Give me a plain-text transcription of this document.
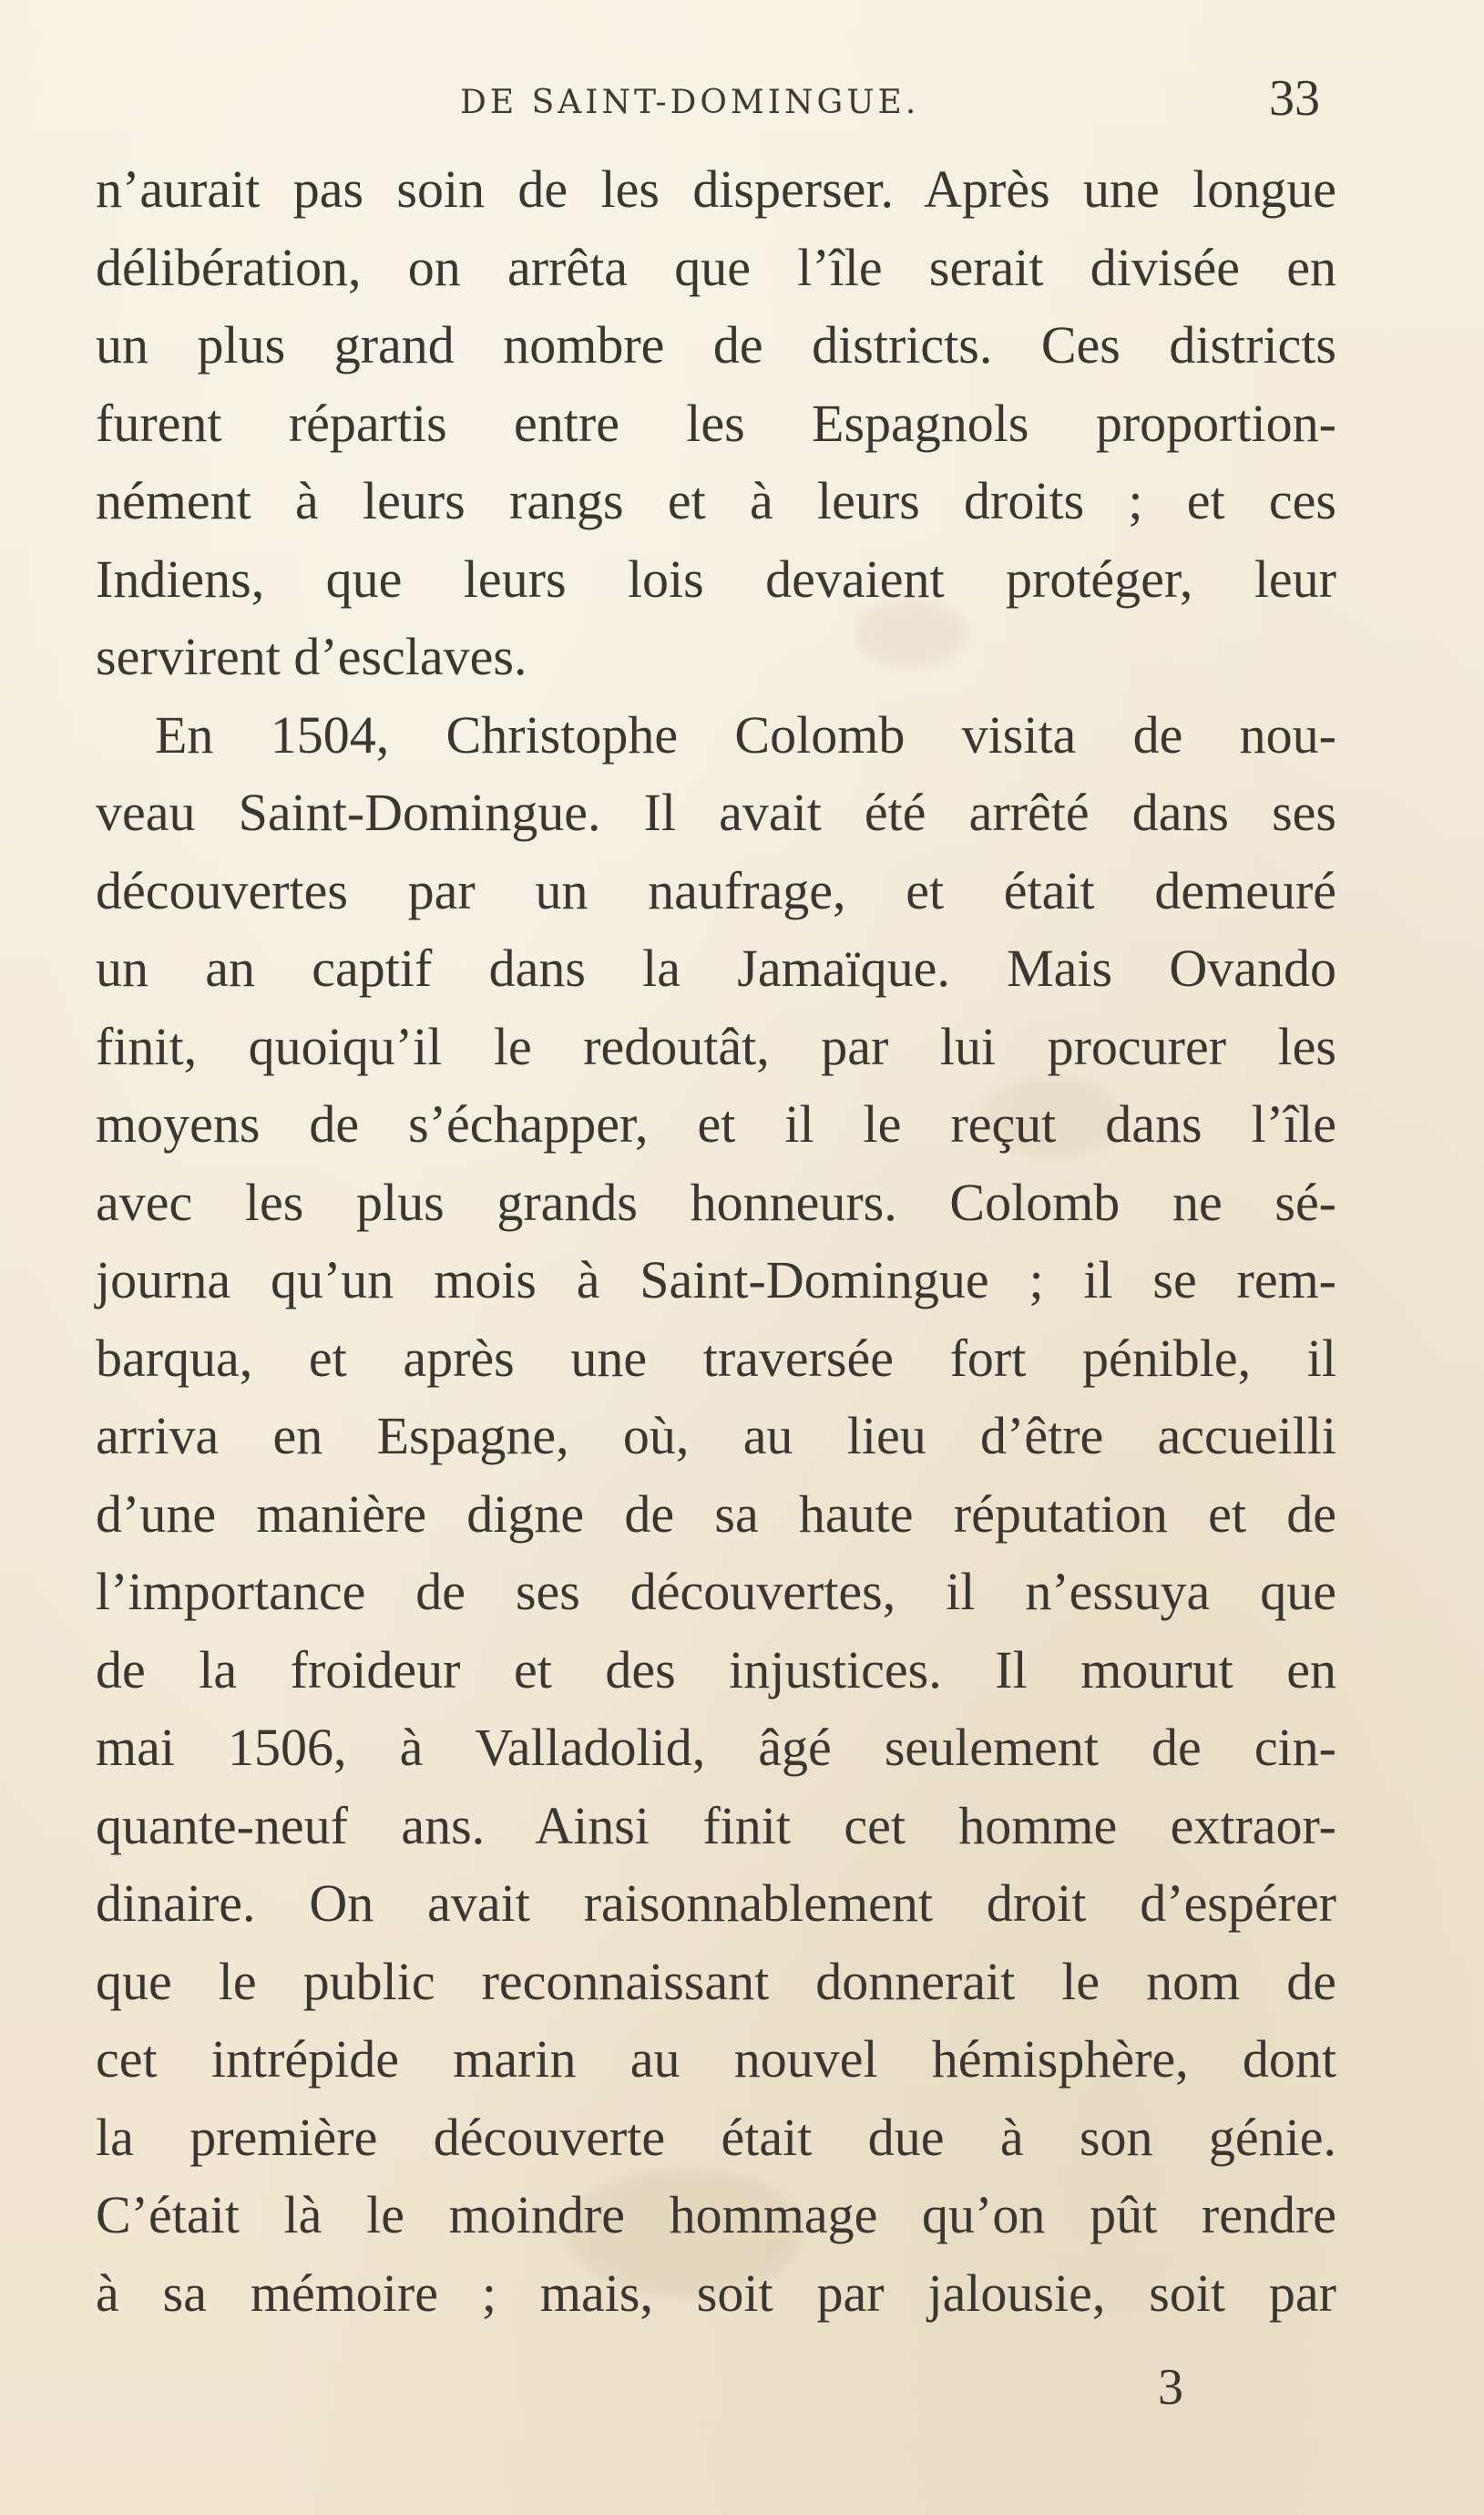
DE SAINT-DOMINGUE.	33
n’aurait pas soin de les disperser. Après une longue
délibération, on arrêta que l’île serait divisée en
un plus grand nombre de districts. Ces districts
furent répartis entre les Espagnols proportion-
nément à leurs rangs et à leurs droits ; et ces
Indiens, que leurs lois devaient protéger, leur
servirent d’esclaves.
En 1504, Christophe Colomb visita de nou-
veau Saint-Domingue. Il avait été arrêté dans ses
découvertes par un naufrage, et était demeuré
un an captif dans la Jamaïque. Mais Ovando
finit, quoiqu’il le redoutât, par lui procurer les
moyens de s’échapper, et il le reçut dans l’île
avec les plus grands honneurs. Colomb ne sé-
journa qu’un mois à Saint-Domingue ; il se rem-
barqua, et après une traversée fort pénible, il
arriva en Espagne, où, au lieu d’être accueilli
d’une manière digne de sa haute réputation et de
l’importance de ses découvertes, il n’essuya que
de la froideur et des injustices. Il mourut en
mai 1506, à Valladolid, âgé seulement de cin-
quante-neuf ans. Ainsi finit cet homme extraor-
dinaire. On avait raisonnablement droit d’espérer
que le public reconnaissant donnerait le nom de
cet intrépide marin au nouvel hémisphère, dont
la première découverte était due à son génie.
C’était là le moindre hommage qu’on pût rendre
à sa mémoire ; mais, soit par jalousie, soit par
3
